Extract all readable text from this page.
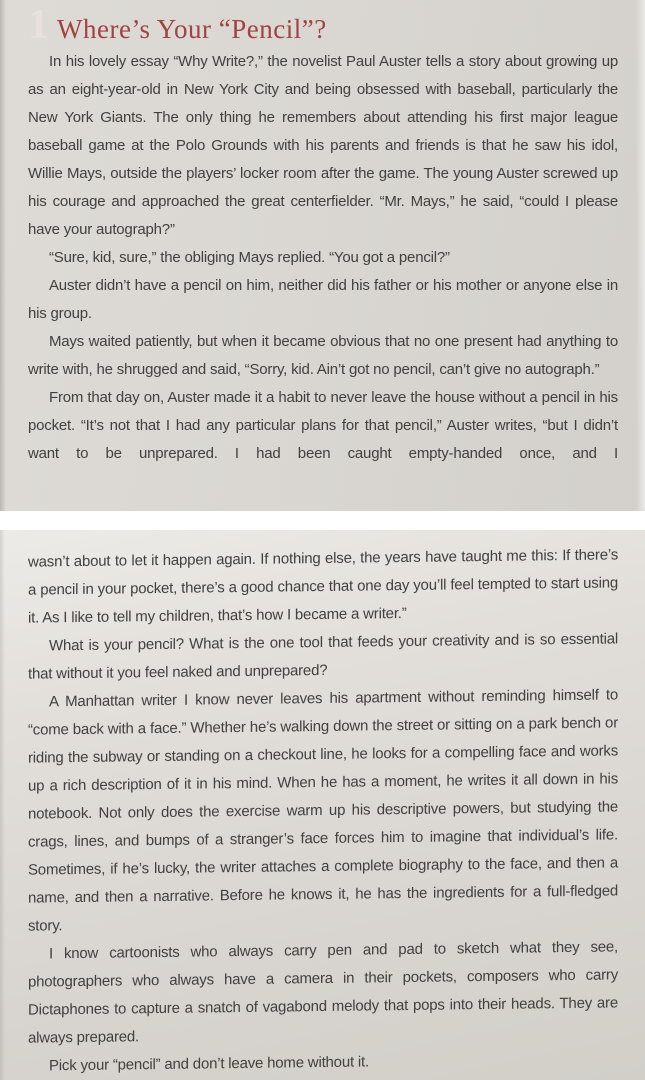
1 Where’s Your “Pencil”?

In his lovely essay “Why Write?,” the novelist Paul Auster tells a story about growing up as an eight-year-old in New York City and being obsessed with baseball, particularly the New York Giants. The only thing he remembers about attending his first major league baseball game at the Polo Grounds with his parents and friends is that he saw his idol, Willie Mays, outside the players’ locker room after the game. The young Auster screwed up his courage and approached the great centerfielder. “Mr. Mays,” he said, “could I please have your autograph?”

“Sure, kid, sure,” the obliging Mays replied. “You got a pencil?”

Auster didn’t have a pencil on him, neither did his father or his mother or anyone else in his group.

Mays waited patiently, but when it became obvious that no one present had anything to write with, he shrugged and said, “Sorry, kid. Ain’t got no pencil, can’t give no autograph.”

From that day on, Auster made it a habit to never leave the house without a pencil in his pocket. “It’s not that I had any particular plans for that pencil,” Auster writes, “but I didn’t want to be unprepared. I had been caught empty-handed once, and I

wasn’t about to let it happen again. If nothing else, the years have taught me this: If there’s a pencil in your pocket, there’s a good chance that one day you’ll feel tempted to start using it. As I like to tell my children, that’s how I became a writer.”

What is your pencil? What is the one tool that feeds your creativity and is so essential that without it you feel naked and unprepared?

A Manhattan writer I know never leaves his apartment without reminding himself to “come back with a face.” Whether he’s walking down the street or sitting on a park bench or riding the subway or standing on a checkout line, he looks for a compelling face and works up a rich description of it in his mind. When he has a moment, he writes it all down in his notebook. Not only does the exercise warm up his descriptive powers, but studying the crags, lines, and bumps of a stranger’s face forces him to imagine that individual’s life. Sometimes, if he’s lucky, the writer attaches a complete biography to the face, and then a name, and then a narrative. Before he knows it, he has the ingredients for a full-fledged story.

I know cartoonists who always carry pen and pad to sketch what they see, photographers who always have a camera in their pockets, composers who carry Dictaphones to capture a snatch of vagabond melody that pops into their heads. They are always prepared.

Pick your “pencil” and don’t leave home without it.
